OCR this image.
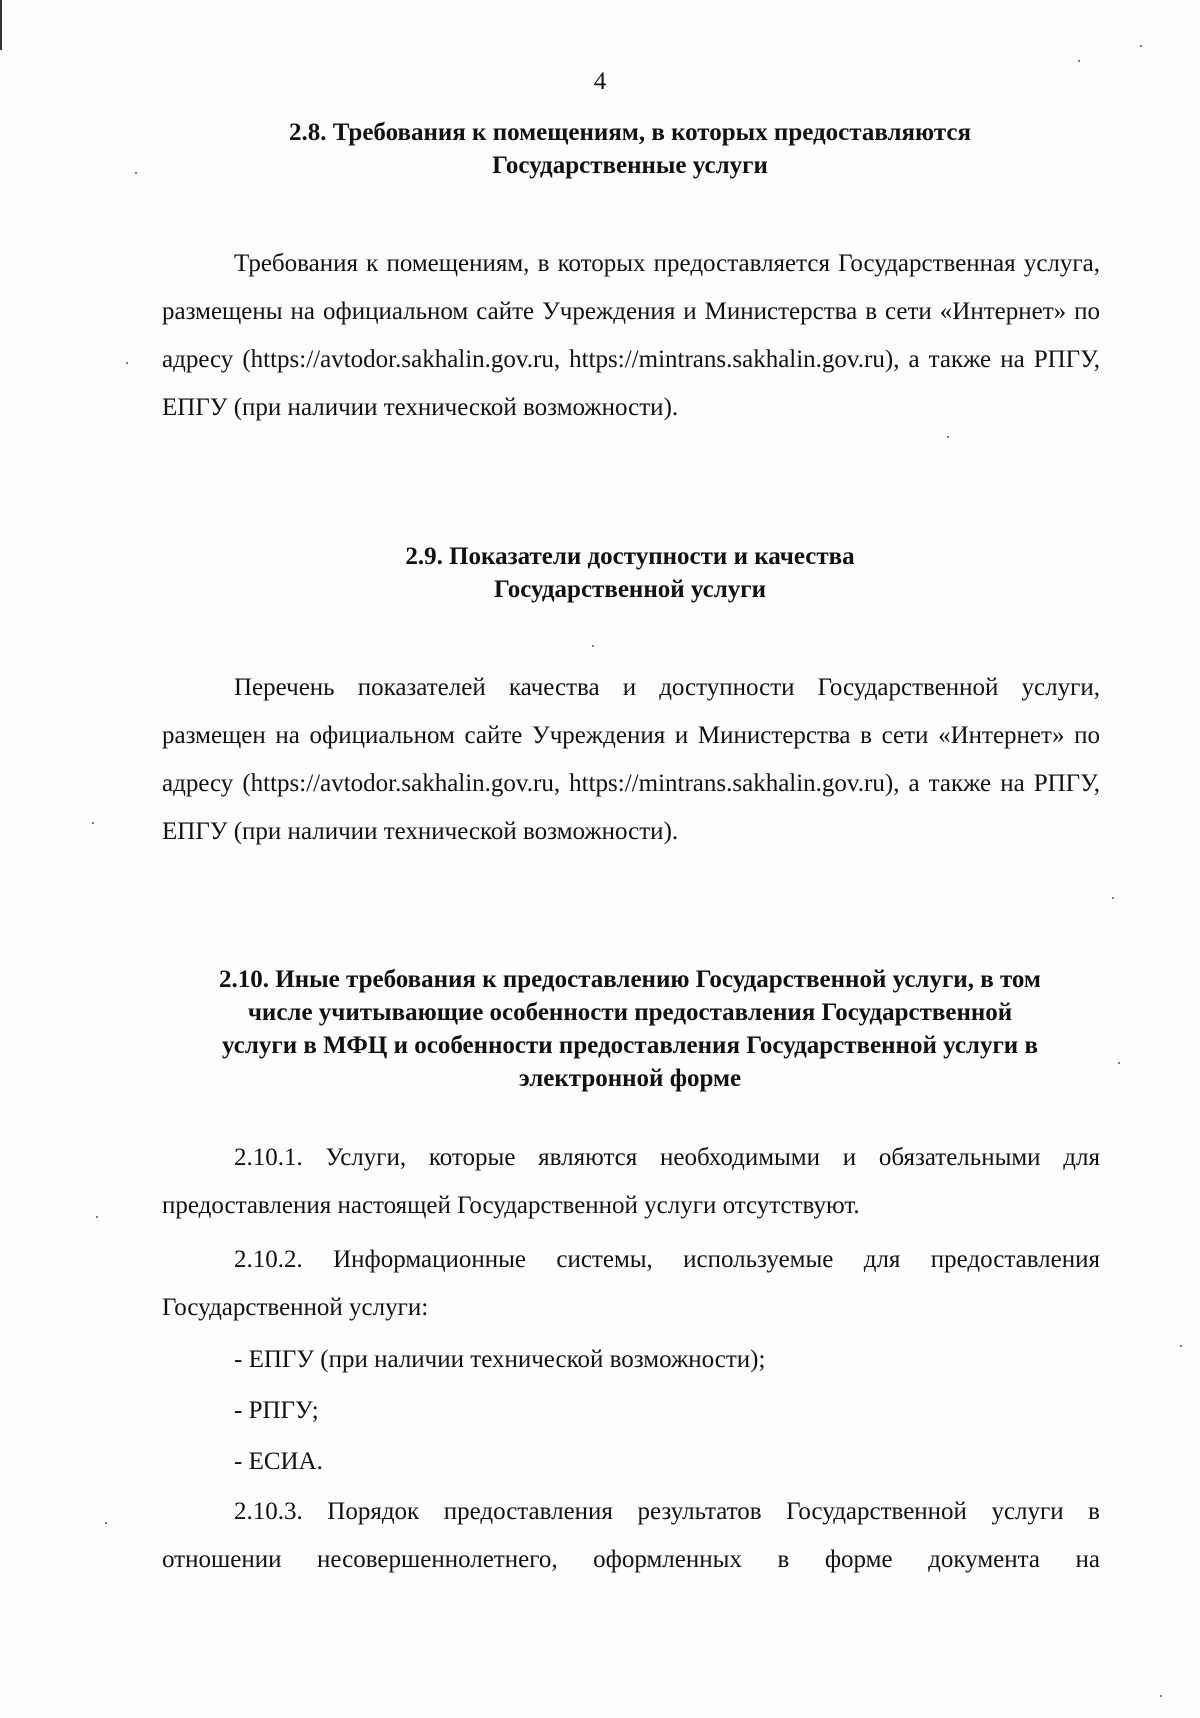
4
2.8. Требования к помещениям, в которых предоставляются
Государственные услуги

Требования к помещениям, в которых предоставляется Государственная услуга, размещены на официальном сайте Учреждения и Министерства в сети «Интернет» по адресу (https://avtodor.sakhalin.gov.ru, https://mintrans.sakhalin.gov.ru), а также на РПГУ, ЕПГУ (при наличии технической возможности).

2.9. Показатели доступности и качества
Государственной услуги

Перечень показателей качества и доступности Государственной услуги, размещен на официальном сайте Учреждения и Министерства в сети «Интернет» по адресу (https://avtodor.sakhalin.gov.ru, https://mintrans.sakhalin.gov.ru), а также на РПГУ, ЕПГУ (при наличии технической возможности).

2.10. Иные требования к предоставлению Государственной услуги, в том
числе учитывающие особенности предоставления Государственной
услуги в МФЦ и особенности предоставления Государственной услуги в
электронной форме

2.10.1. Услуги, которые являются необходимыми и обязательными для предоставления настоящей Государственной услуги отсутствуют.

2.10.2. Информационные системы, используемые для предоставления Государственной услуги:

- ЕПГУ (при наличии технической возможности);

- РПГУ;

- ЕСИА.

2.10.3. Порядок предоставления результатов Государственной услуги в отношении несовершеннолетнего, оформленных в форме документа на
